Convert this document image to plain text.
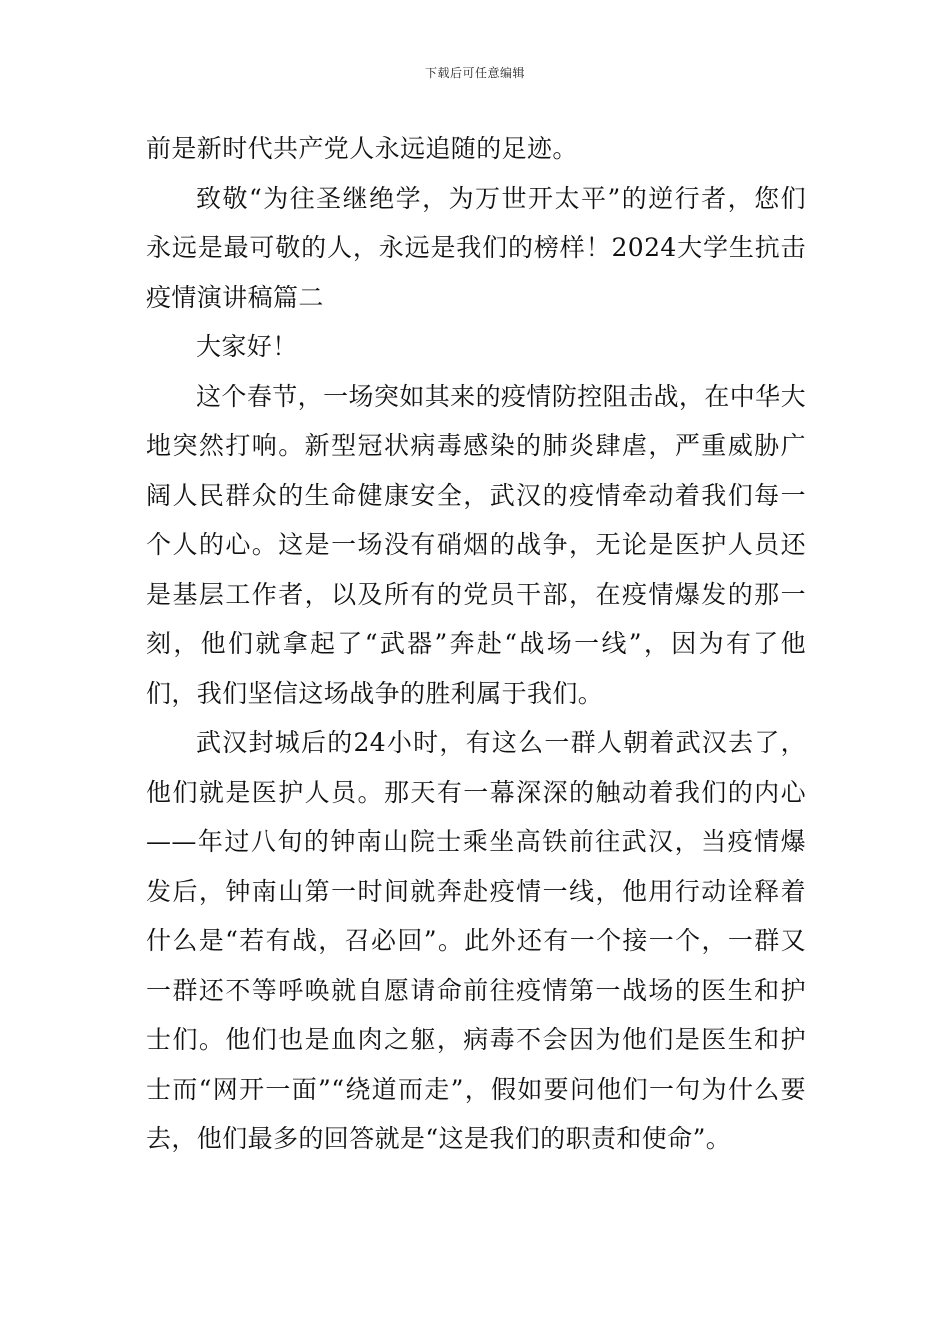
下载后可任意编辑

前是新时代共产党人永远追随的足迹。

致敬“为往圣继绝学，为万世开太平”的逆行者，您们永远是最可敬的人，永远是我们的榜样！2024大学生抗击疫情演讲稿篇二

大家好！

这个春节，一场突如其来的疫情防控阻击战，在中华大地突然打响。新型冠状病毒感染的肺炎肆虐，严重威胁广阔人民群众的生命健康安全，武汉的疫情牵动着我们每一个人的心。这是一场没有硝烟的战争，无论是医护人员还是基层工作者，以及所有的党员干部，在疫情爆发的那一刻，他们就拿起了“武器”奔赴“战场一线”，因为有了他们，我们坚信这场战争的胜利属于我们。

武汉封城后的24小时，有这么一群人朝着武汉去了，他们就是医护人员。那天有一幕深深的触动着我们的内心——年过八旬的钟南山院士乘坐高铁前往武汉，当疫情爆发后，钟南山第一时间就奔赴疫情一线，他用行动诠释着什么是“若有战，召必回”。此外还有一个接一个，一群又一群还不等呼唤就自愿请命前往疫情第一战场的医生和护士们。他们也是血肉之躯，病毒不会因为他们是医生和护士而“网开一面”“绕道而走”，假如要问他们一句为什么要去，他们最多的回答就是“这是我们的职责和使命”。
